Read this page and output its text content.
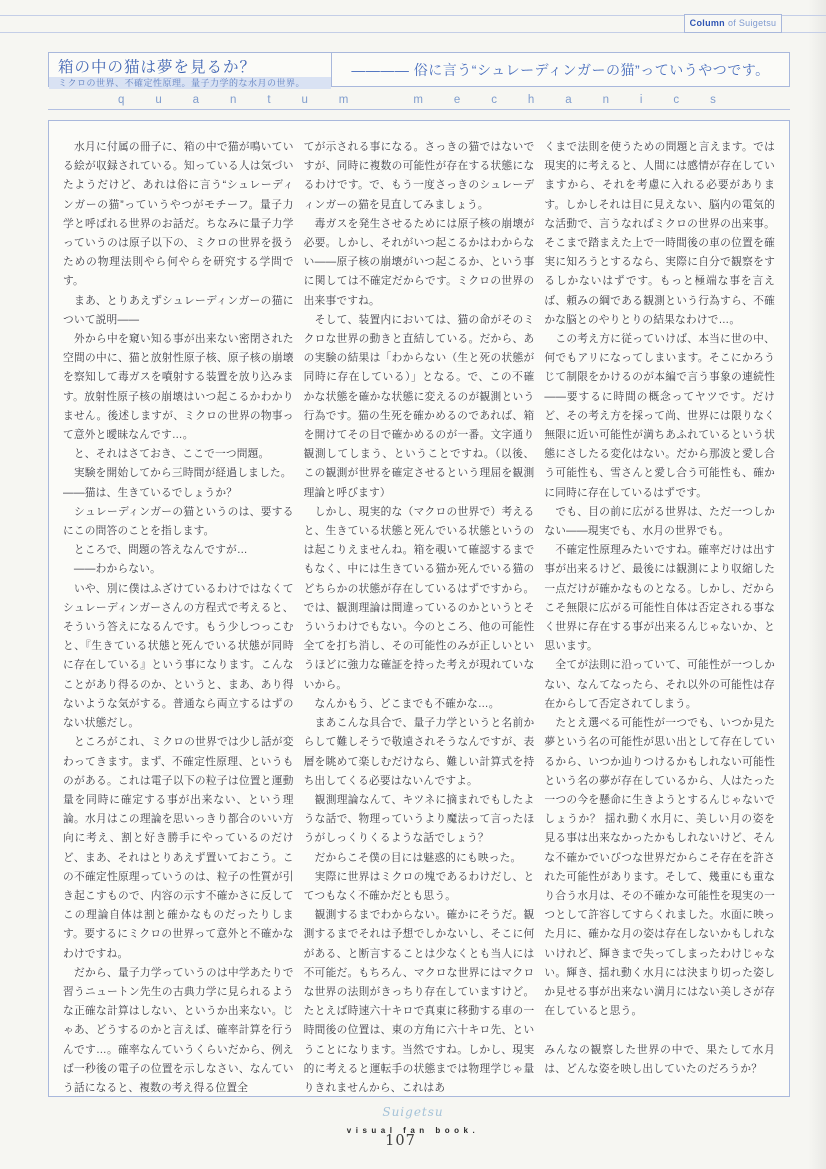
Column of Suigetsu
箱の中の猫は夢を見るか？
ミクロの世界、不確定性原理。量子力学的な水月の世界。
―――― 俗に言う“シュレーディンガーの猫”っていうやつです。
q	u	a	n	t	u	m
	m	e	c	h	a	n	i	c	s

　水月に付属の冊子に、箱の中で猫が鳴いている絵が収録されている。知っている人は気づいたようだけど、あれは俗に言う“シュレーディンガーの猫”っていうやつがモチーフ。量子力学と呼ばれる世界のお話だ。ちなみに量子力学っていうのは原子以下の、ミクロの世界を扱うための物理法則やら何やらを研究する学問です。

　まあ、とりあえずシュレーディンガーの猫について説明――

　外から中を窺い知る事が出来ない密閉された空間の中に、猫と放射性原子核、原子核の崩壊を察知して毒ガスを噴射する装置を放り込みます。放射性原子核の崩壊はいつ起こるかわかりません。後述しますが、ミクロの世界の物事って意外と曖昧なんです…。

　と、それはさておき、ここで一つ問題。

　実験を開始してから三時間が経過しました。

――猫は、生きているでしょうか？

　シュレーディンガーの猫というのは、要するにこの問答のことを指します。

　ところで、問題の答えなんですが…

　――わからない。

　いや、別に僕はふざけているわけではなくてシュレーディンガーさんの方程式で考えると、そういう答えになるんです。もう少しつっこむと、『生きている状態と死んでいる状態が同時に存在している』という事になります。こんなことがあり得るのか、というと、まあ、あり得ないような気がする。普通なら両立するはずのない状態だし。

　ところがこれ、ミクロの世界では少し話が変わってきます。まず、不確定性原理、というものがある。これは電子以下の粒子は位置と運動量を同時に確定する事が出来ない、という理論。水月はこの理論を思いっきり都合のいい方向に考え、割と好き勝手にやっているのだけど、まあ、それはとりあえず置いておこう。この不確定性原理っていうのは、粒子の性質が引き起こすもので、内容の示す不確かさに反してこの理論自体は割と確かなものだったりします。要するにミクロの世界って意外と不確かなわけですね。

　だから、量子力学っていうのは中学あたりで習うニュートン先生の古典力学に見られるような正確な計算はしない、というか出来ない。じゃあ、どうするのかと言えば、確率計算を行うんです…。確率なんていうくらいだから、例えば一秒後の電子の位置を示しなさい、なんていう話になると、複数の考え得る位置全

てが示される事になる。さっきの猫ではないですが、同時に複数の可能性が存在する状態になるわけです。で、もう一度さっきのシュレーディンガーの猫を見直してみましょう。

　毒ガスを発生させるためには原子核の崩壊が必要。しかし、それがいつ起こるかはわからない――原子核の崩壊がいつ起こるか、という事に関しては不確定だからです。ミクロの世界の出来事ですね。

　そして、装置内においては、猫の命がそのミクロな世界の動きと直結している。だから、あの実験の結果は「わからない（生と死の状態が同時に存在している）」となる。で、この不確かな状態を確かな状態に変えるのが観測という行為です。猫の生死を確かめるのであれば、箱を開けてその目で確かめるのが一番。文字通り観測してしまう、ということですね。（以後、この観測が世界を確定させるという理屈を観測理論と呼びます）

　しかし、現実的な（マクロの世界で）考えると、生きている状態と死んでいる状態というのは起こりえませんね。箱を覗いて確認するまでもなく、中には生きている猫か死んでいる猫のどちらかの状態が存在しているはずですから。では、観測理論は間違っているのかというとそういうわけでもない。今のところ、他の可能性全てを打ち消し、その可能性のみが正しいというほどに強力な確証を持った考えが現れていないから。

　なんかもう、どこまでも不確かな…。

　まあこんな具合で、量子力学というと名前からして難しそうで敬遠されそうなんですが、表層を眺めて楽しむだけなら、難しい計算式を持ち出してくる必要はないんですよ。

　観測理論なんて、キツネに摘まれでもしたような話で、物理っていうより魔法って言ったほうがしっくりくるような話でしょう？

　だからこそ僕の目には魅惑的にも映った。

　実際に世界はミクロの塊であるわけだし、とてつもなく不確かだとも思う。

　観測するまでわからない。確かにそうだ。観測するまでそれは予想でしかないし、そこに何がある、と断言することは少なくとも当人には不可能だ。もちろん、マクロな世界にはマクロな世界の法則がきっちり存在していますけど。たとえば時速六十キロで真東に移動する車の一時間後の位置は、東の方角に六十キロ先、ということになります。当然ですね。しかし、現実的に考えると運転手の状態までは物理学じゃ量りきれませんから、これはあ

くまで法則を使うための問題と言えます。では現実的に考えると、人間には感情が存在していますから、それを考慮に入れる必要があります。しかしそれは目に見えない、脳内の電気的な活動で、言うなればミクロの世界の出来事。そこまで踏まえた上で一時間後の車の位置を確実に知ろうとするなら、実際に自分で観察をするしかないはずです。もっと極端な事を言えば、頼みの綱である観測という行為すら、不確かな脳とのやりとりの結果なわけで…。

　この考え方に従っていけば、本当に世の中、何でもアリになってしまいます。そこにかろうじて制限をかけるのが本編で言う事象の連続性――要するに時間の概念ってヤツです。だけど、その考え方を採って尚、世界には限りなく無限に近い可能性が満ちあふれているという状態にさしたる変化はない。だから那波と愛し合う可能性も、雪さんと愛し合う可能性も、確かに同時に存在しているはずです。

　でも、目の前に広がる世界は、ただ一つしかない――現実でも、水月の世界でも。

　不確定性原理みたいですね。確率だけは出す事が出来るけど、最後には観測により収縮した一点だけが確かなものとなる。しかし、だからこそ無限に広がる可能性自体は否定される事なく世界に存在する事が出来るんじゃないか、と思います。

　全てが法則に沿っていて、可能性が一つしかない、なんてなったら、それ以外の可能性は存在からして否定されてしまう。

　たとえ選べる可能性が一つでも、いつか見た夢という名の可能性が思い出として存在しているから、いつか辿りつけるかもしれない可能性という名の夢が存在しているから、人はたった一つの今を懸命に生きようとするんじゃないでしょうか？ 揺れ動く水月に、美しい月の姿を見る事は出来なかったかもしれないけど、そんな不確かでいびつな世界だからこそ存在を許された可能性があります。そして、幾重にも重なり合う水月は、その不確かな可能性を現実の一つとして許容してすらくれました。水面に映った月に、確かな月の姿は存在しないかもしれないけれど、輝きまで失ってしまったわけじゃない。輝き、揺れ動く水月には決まり切った姿しか見せる事が出来ない満月にはない美しさが存在していると思う。

みんなの観察した世界の中で、果たして水月は、どんな姿を映し出していたのだろうか？

Suigetsu
visual fan book.
107
